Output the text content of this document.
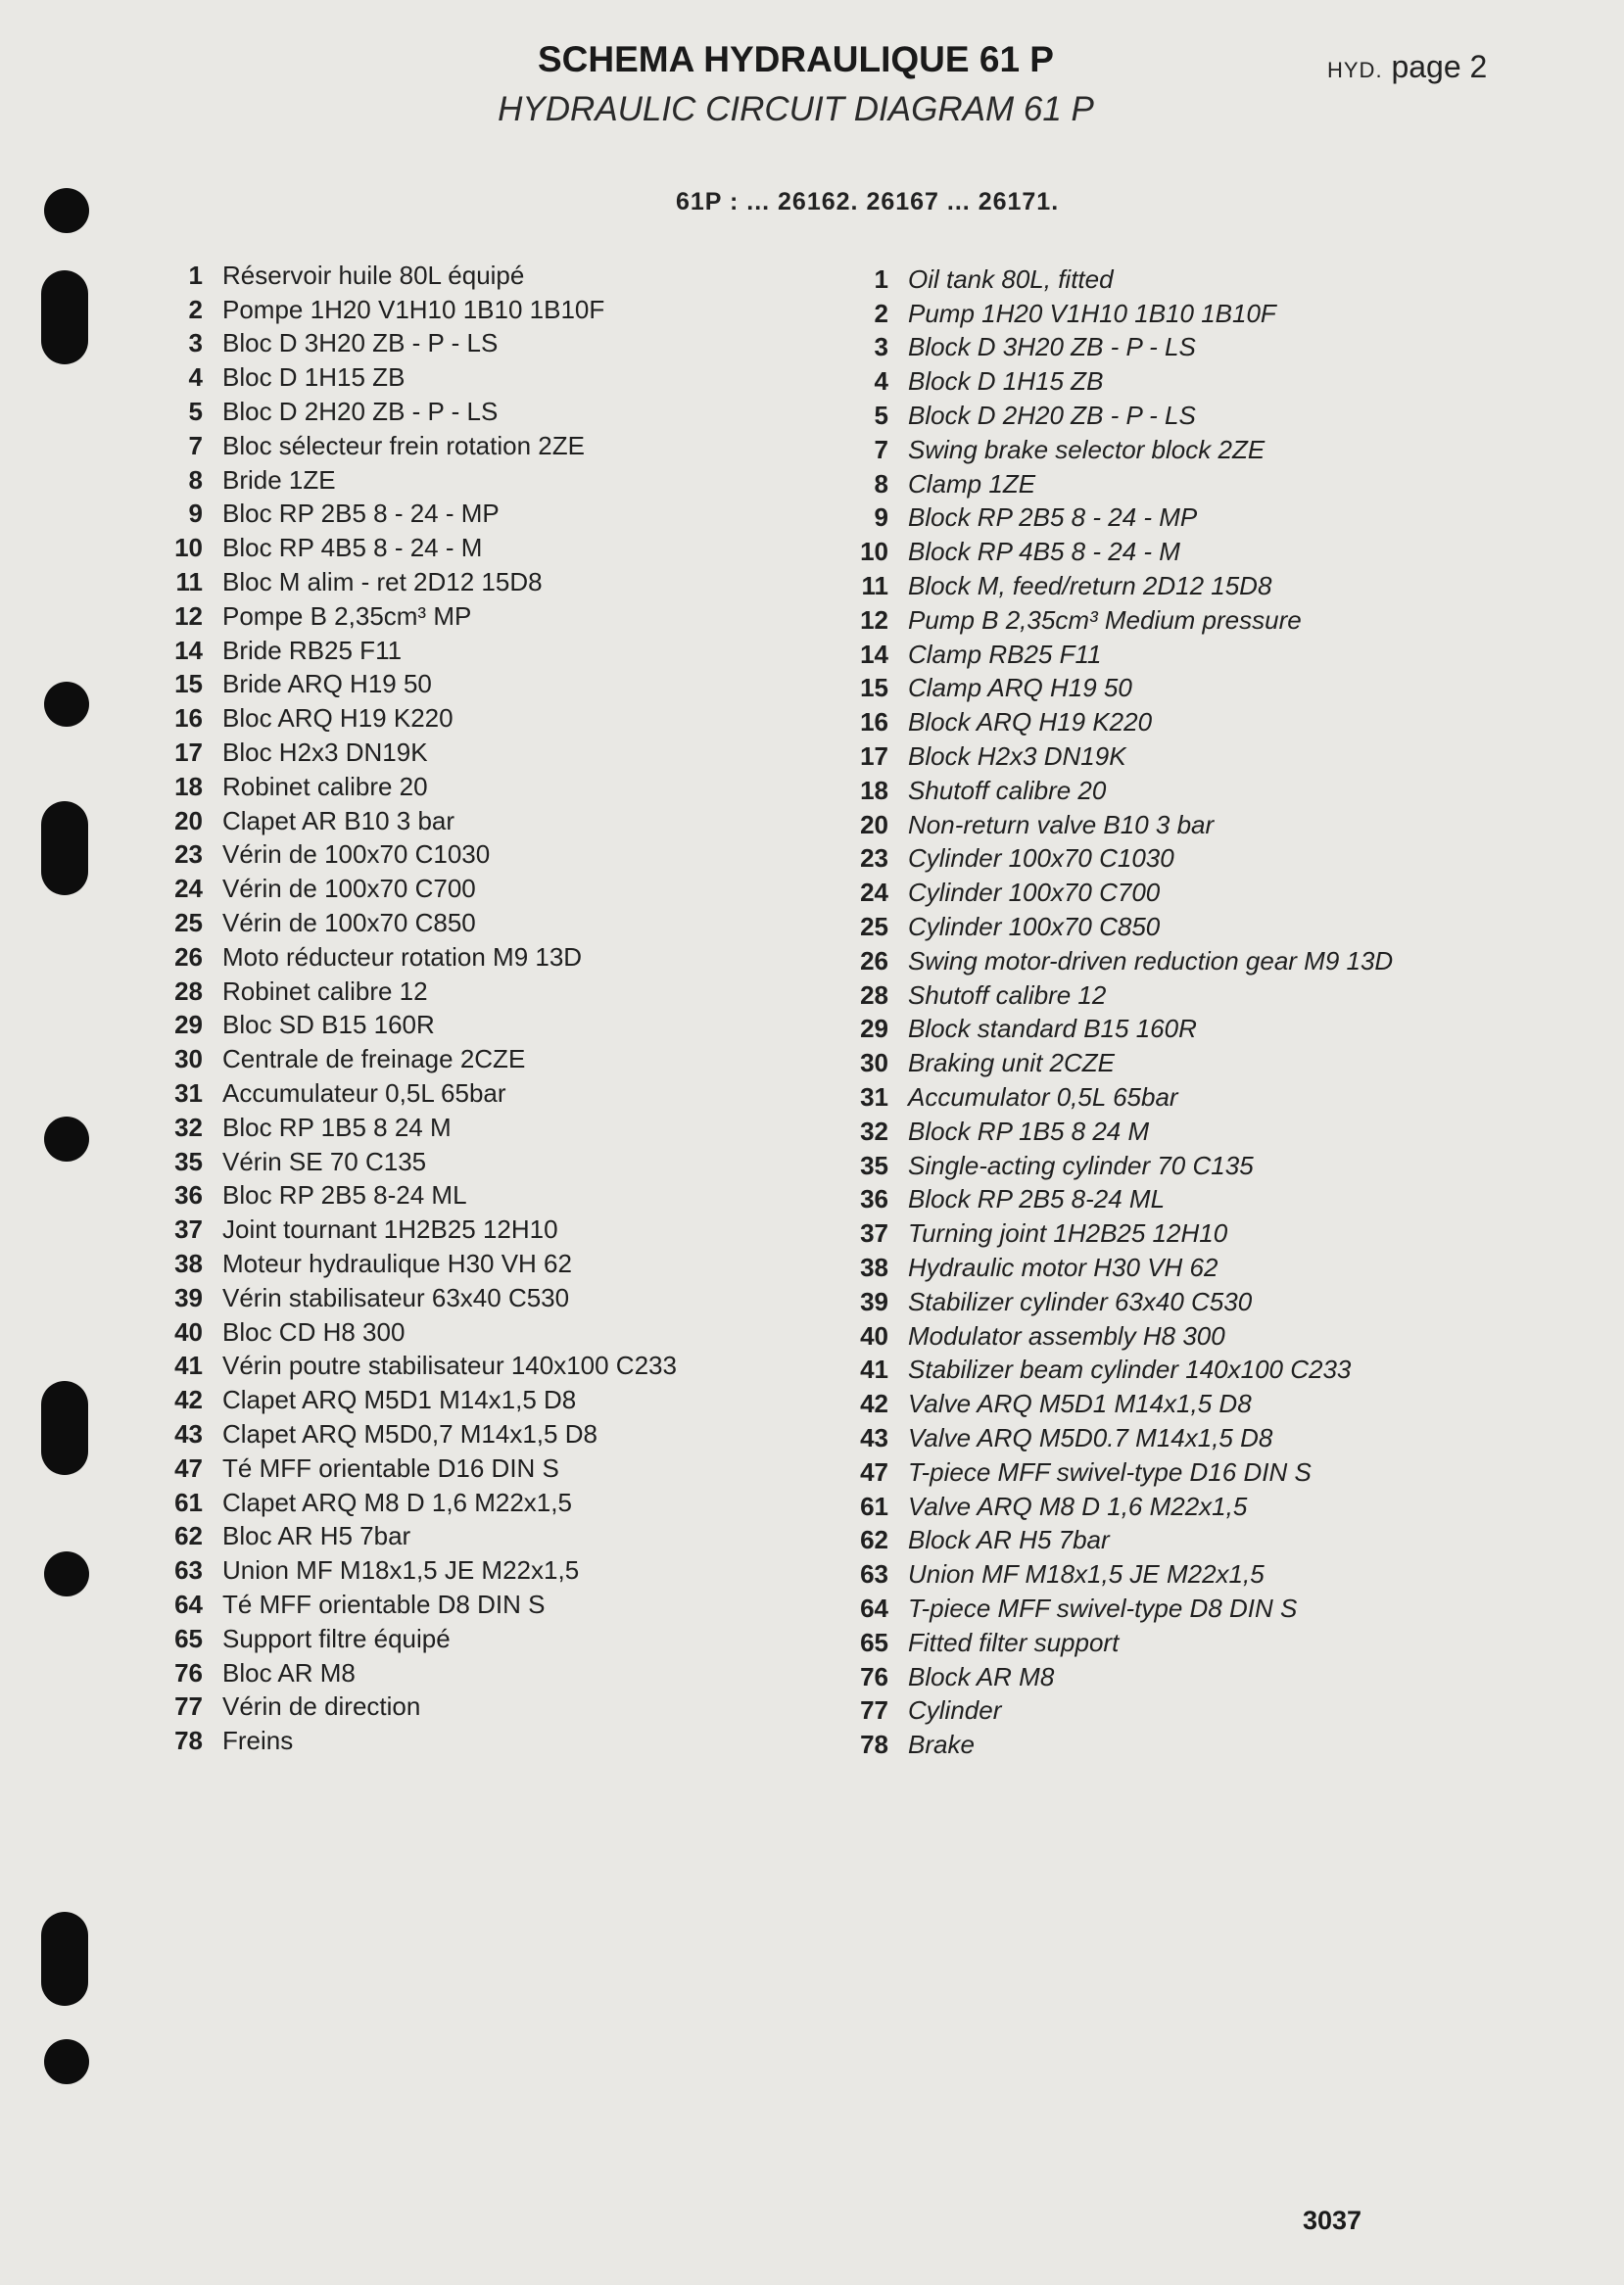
SCHEMA HYDRAULIQUE 61 P
HYDRAULIC CIRCUIT DIAGRAM 61 P
HYD. page 2
61P : ... 26162. 26167 ... 26171.
1 Réservoir huile 80L équipé
2 Pompe 1H20 V1H10 1B10 1B10F
3 Bloc D 3H20 ZB - P - LS
4 Bloc D 1H15 ZB
5 Bloc D 2H20 ZB - P - LS
7 Bloc sélecteur frein rotation 2ZE
8 Bride 1ZE
9 Bloc RP 2B5 8 - 24 - MP
10 Bloc RP 4B5 8 - 24 - M
11 Bloc M alim - ret 2D12 15D8
12 Pompe B 2,35cm³ MP
14 Bride RB25 F11
15 Bride ARQ H19 50
16 Bloc ARQ H19 K220
17 Bloc H2x3 DN19K
18 Robinet calibre 20
20 Clapet AR B10 3 bar
23 Vérin de 100x70 C1030
24 Vérin de 100x70 C700
25 Vérin de 100x70 C850
26 Moto réducteur rotation M9 13D
28 Robinet calibre 12
29 Bloc SD B15 160R
30 Centrale de freinage 2CZE
31 Accumulateur 0,5L 65bar
32 Bloc RP 1B5 8 24 M
35 Vérin SE 70 C135
36 Bloc RP 2B5 8-24 ML
37 Joint tournant 1H2B25 12H10
38 Moteur hydraulique H30 VH 62
39 Vérin stabilisateur 63x40 C530
40 Bloc CD H8 300
41 Vérin poutre stabilisateur 140x100 C233
42 Clapet ARQ M5D1 M14x1,5 D8
43 Clapet ARQ M5D0,7 M14x1,5 D8
47 Té MFF orientable D16 DIN S
61 Clapet ARQ M8 D 1,6 M22x1,5
62 Bloc AR H5 7bar
63 Union MF M18x1,5 JE M22x1,5
64 Té MFF orientable D8 DIN S
65 Support filtre équipé
76 Bloc AR M8
77 Vérin de direction
78 Freins
1 Oil tank 80L, fitted
2 Pump 1H20 V1H10 1B10 1B10F
3 Block D 3H20 ZB - P - LS
4 Block D 1H15 ZB
5 Block D 2H20 ZB - P - LS
7 Swing brake selector block 2ZE
8 Clamp 1ZE
9 Block RP 2B5 8 - 24 - MP
10 Block RP 4B5 8 - 24 - M
11 Block M, feed/return 2D12 15D8
12 Pump B 2,35cm³ Medium pressure
14 Clamp RB25 F11
15 Clamp ARQ H19 50
16 Block ARQ H19 K220
17 Block H2x3 DN19K
18 Shutoff calibre 20
20 Non-return valve B10 3 bar
23 Cylinder 100x70 C1030
24 Cylinder 100x70 C700
25 Cylinder 100x70 C850
26 Swing motor-driven reduction gear M9 13D
28 Shutoff calibre 12
29 Block standard B15 160R
30 Braking unit 2CZE
31 Accumulator 0,5L 65bar
32 Block RP 1B5 8 24 M
35 Single-acting cylinder 70 C135
36 Block RP 2B5 8-24 ML
37 Turning joint 1H2B25 12H10
38 Hydraulic motor H30 VH 62
39 Stabilizer cylinder 63x40 C530
40 Modulator assembly H8 300
41 Stabilizer beam cylinder 140x100 C233
42 Valve ARQ M5D1 M14x1,5 D8
43 Valve ARQ M5D0.7 M14x1,5 D8
47 T-piece MFF swivel-type D16 DIN S
61 Valve ARQ M8 D 1,6 M22x1,5
62 Block AR H5 7bar
63 Union MF M18x1,5 JE M22x1,5
64 T-piece MFF swivel-type D8 DIN S
65 Fitted filter support
76 Block AR M8
77 Cylinder
78 Brake
3037
